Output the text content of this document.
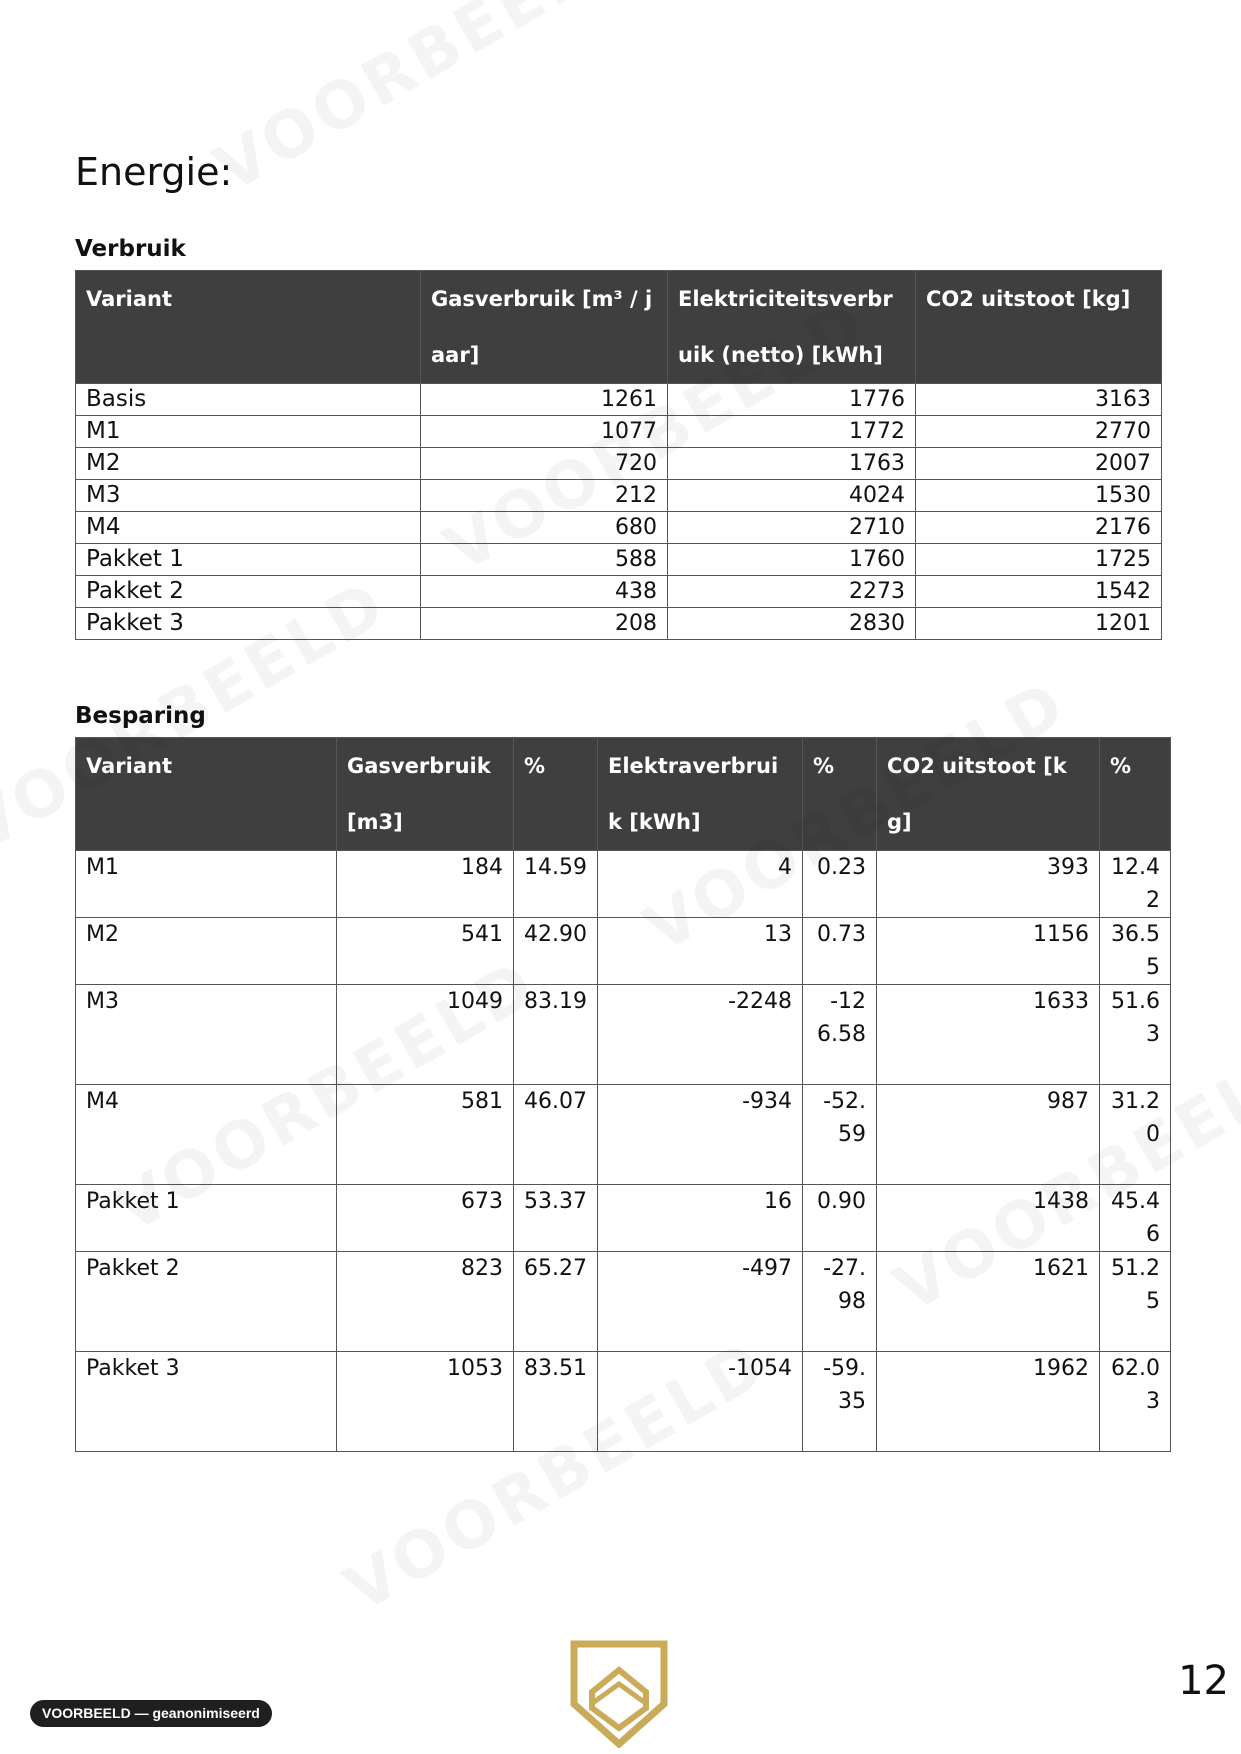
Energie:
Verbruik
Variant	Gasverbruik [m³ / jaar]	Elektriciteitsverbruik (netto) [kWh]	CO2 uitstoot [kg]
Basis	1261	1776	3163
M1	1077	1772	2770
M2	720	1763	2007
M3	212	4024	1530
M4	680	2710	2176
Pakket 1	588	1760	1725
Pakket 2	438	2273	1542
Pakket 3	208	2830	1201
Besparing
Variant	Gasverbruik [m3]	%	Elektraverbruik [kWh]	%	CO2 uitstoot [kg]	%
M1	184	14.59	4	0.23	393	12.42
M2	541	42.90	13	0.73	1156	36.55
M3	1049	83.19	-2248	-126.58	1633	51.63
M4	581	46.07	-934	-52.59	987	31.20
Pakket 1	673	53.37	16	0.90	1438	45.46
Pakket 2	823	65.27	-497	-27.98	1621	51.25
Pakket 3	1053	83.51	-1054	-59.35	1962	62.03
VOORBEELD — geanonimiseerd
12
